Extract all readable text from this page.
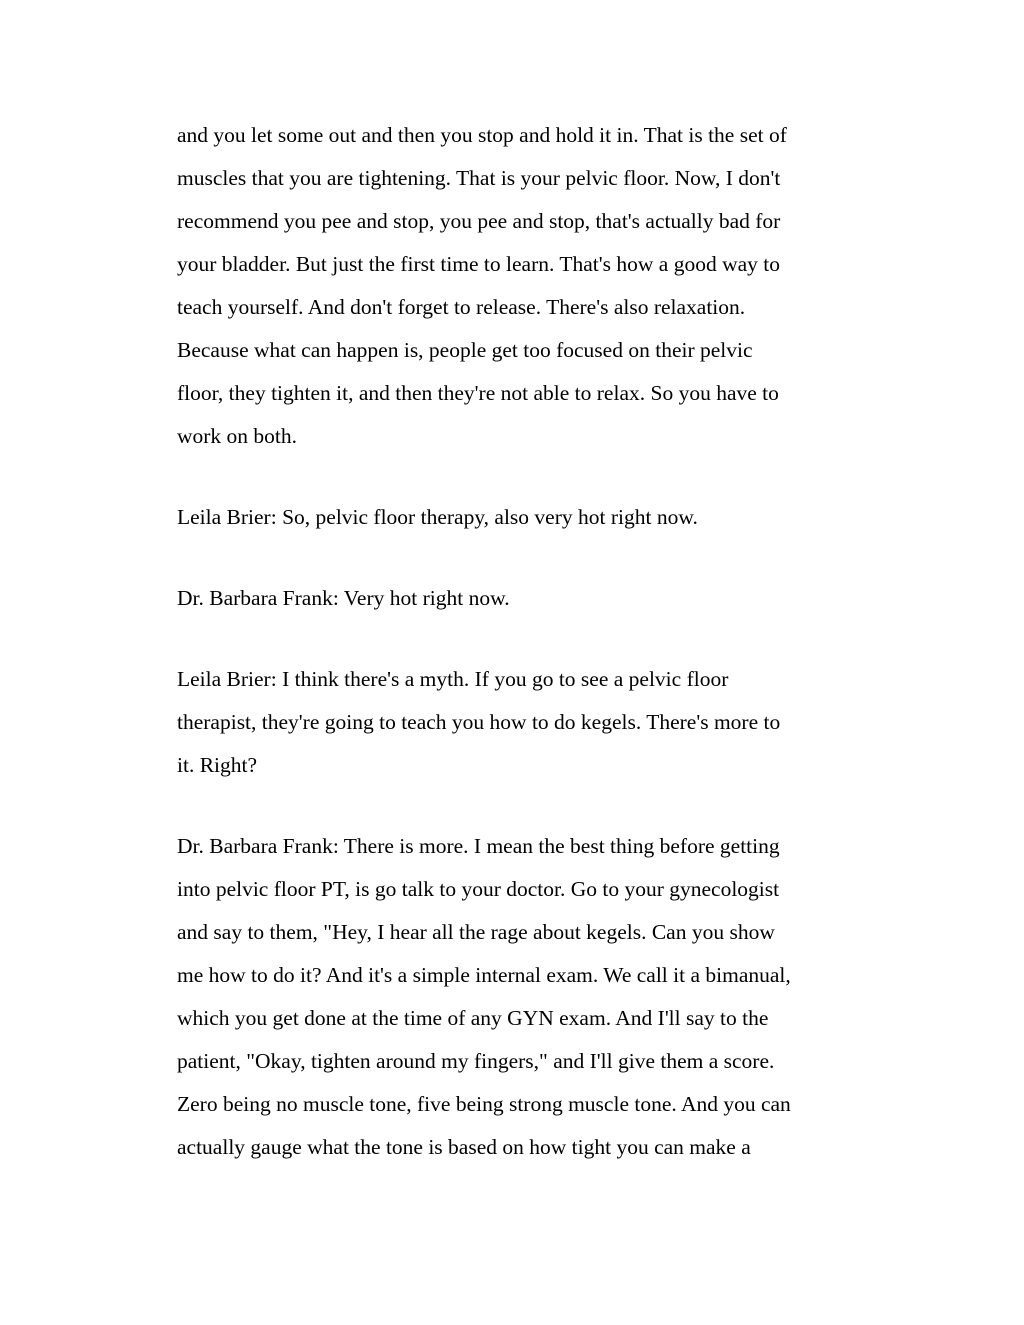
and you let some out and then you stop and hold it in. That is the set of
muscles that you are tightening. That is your pelvic floor. Now, I don't
recommend you pee and stop, you pee and stop, that's actually bad for
your bladder. But just the first time to learn. That's how a good way to
teach yourself. And don't forget to release. There's also relaxation.
Because what can happen is, people get too focused on their pelvic
floor, they tighten it, and then they're not able to relax. So you have to
work on both.

Leila Brier: So, pelvic floor therapy, also very hot right now.

Dr. Barbara Frank: Very hot right now.

Leila Brier: I think there's a myth. If you go to see a pelvic floor
therapist, they're going to teach you how to do kegels. There's more to
it. Right?

Dr. Barbara Frank: There is more. I mean the best thing before getting
into pelvic floor PT, is go talk to your doctor. Go to your gynecologist
and say to them, "Hey, I hear all the rage about kegels. Can you show
me how to do it? And it's a simple internal exam. We call it a bimanual,
which you get done at the time of any GYN exam. And I'll say to the
patient, "Okay, tighten around my fingers," and I'll give them a score.
Zero being no muscle tone, five being strong muscle tone. And you can
actually gauge what the tone is based on how tight you can make a
